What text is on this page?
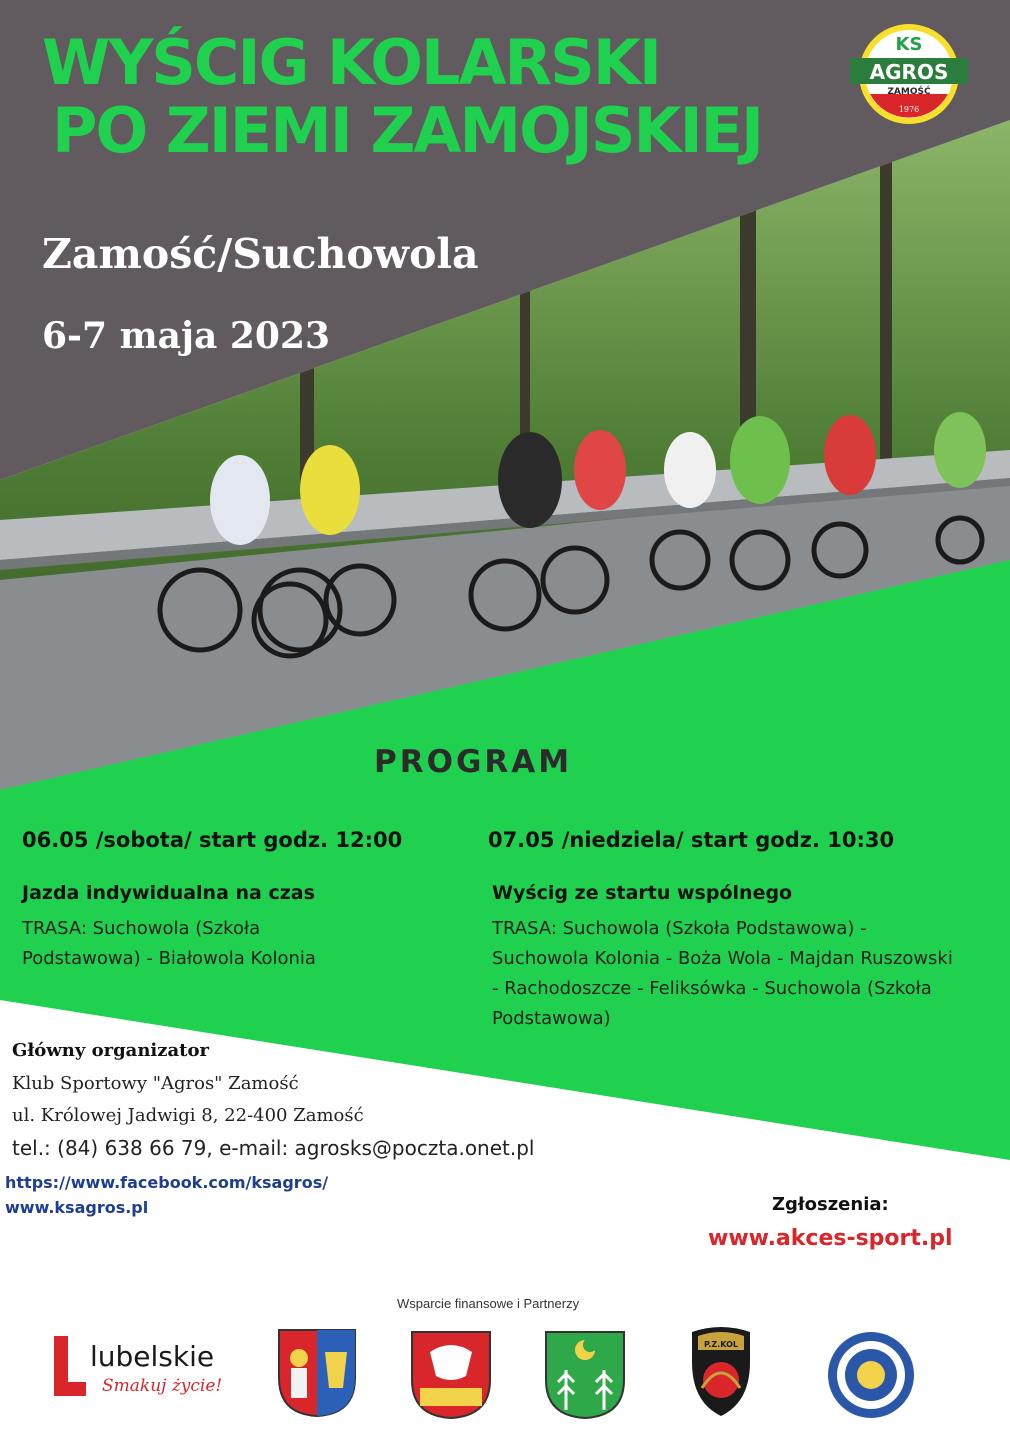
WYŚCIG KOLARSKI
PO ZIEMI ZAMOJSKIEJ
Zamość/Suchowola
6-7 maja 2023
KS
AGROS
ZAMOŚĆ
1976
PROGRAM
06.05 /sobota/ start godz. 12:00
Jazda indywidualna na czas
TRASA: Suchowola (Szkoła
Podstawowa) - Białowola Kolonia
07.05 /niedziela/ start godz. 10:30
Wyścig ze startu wspólnego
TRASA: Suchowola (Szkoła Podstawowa) -
Suchowola Kolonia - Boża Wola - Majdan Ruszowski
- Rachodoszcze - Feliksówka - Suchowola (Szkoła
Podstawowa)
Główny organizator
Klub Sportowy "Agros" Zamość
ul. Królowej Jadwigi 8, 22-400 Zamość
tel.: (84) 638 66 79, e-mail: agrosks@poczta.onet.pl
https://www.facebook.com/ksagros/
www.ksagros.pl	Zgłoszenia:
www.akces-sport.pl
Wsparcie finansowe i Partnerzy
lubelskie
Smakuj życie!
P.Z.KOL
